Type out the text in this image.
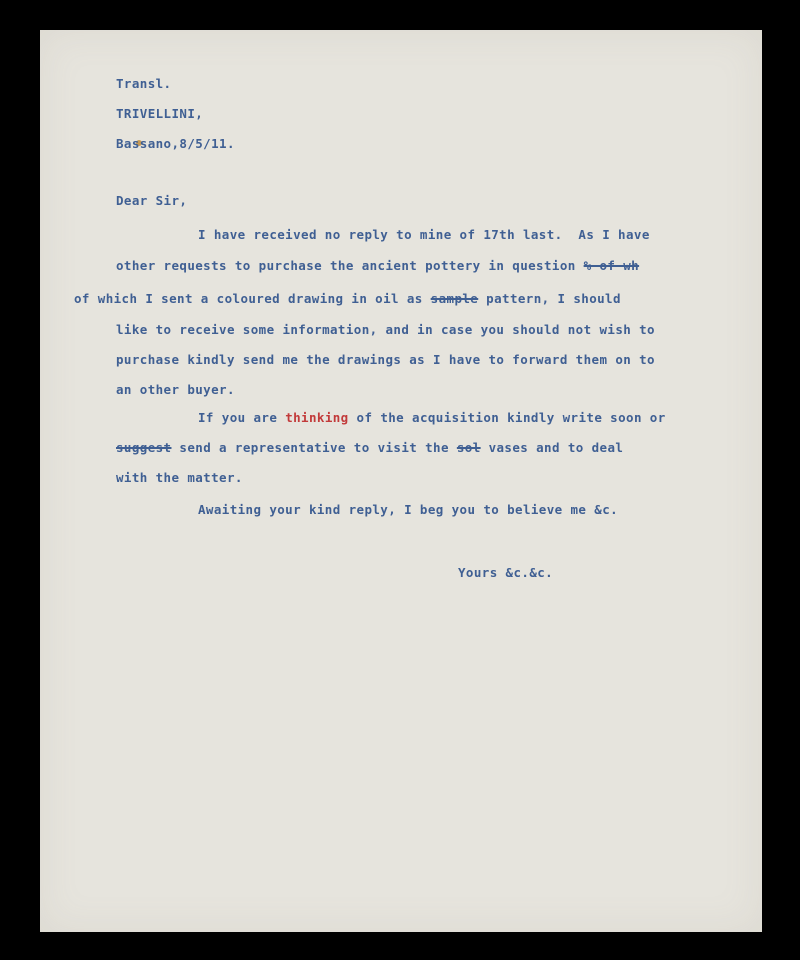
Transl.
TRIVELLINI,
Bassano,8/5/11.
Dear Sir,
I have received no reply to mine of 17th last.  As I have
other requests to purchase the ancient pottery in question % of wh
of which I sent a coloured drawing in oil as sample pattern, I should
like to receive some information, and in case you should not wish to
purchase kindly send me the drawings as I have to forward them on to
an other buyer.
If you are thinking of the acquisition kindly write soon or
suggest send a representative to visit the sol vases and to deal
with the matter.
Awaiting your kind reply, I beg you to believe me &c.
Yours &c.&c.
